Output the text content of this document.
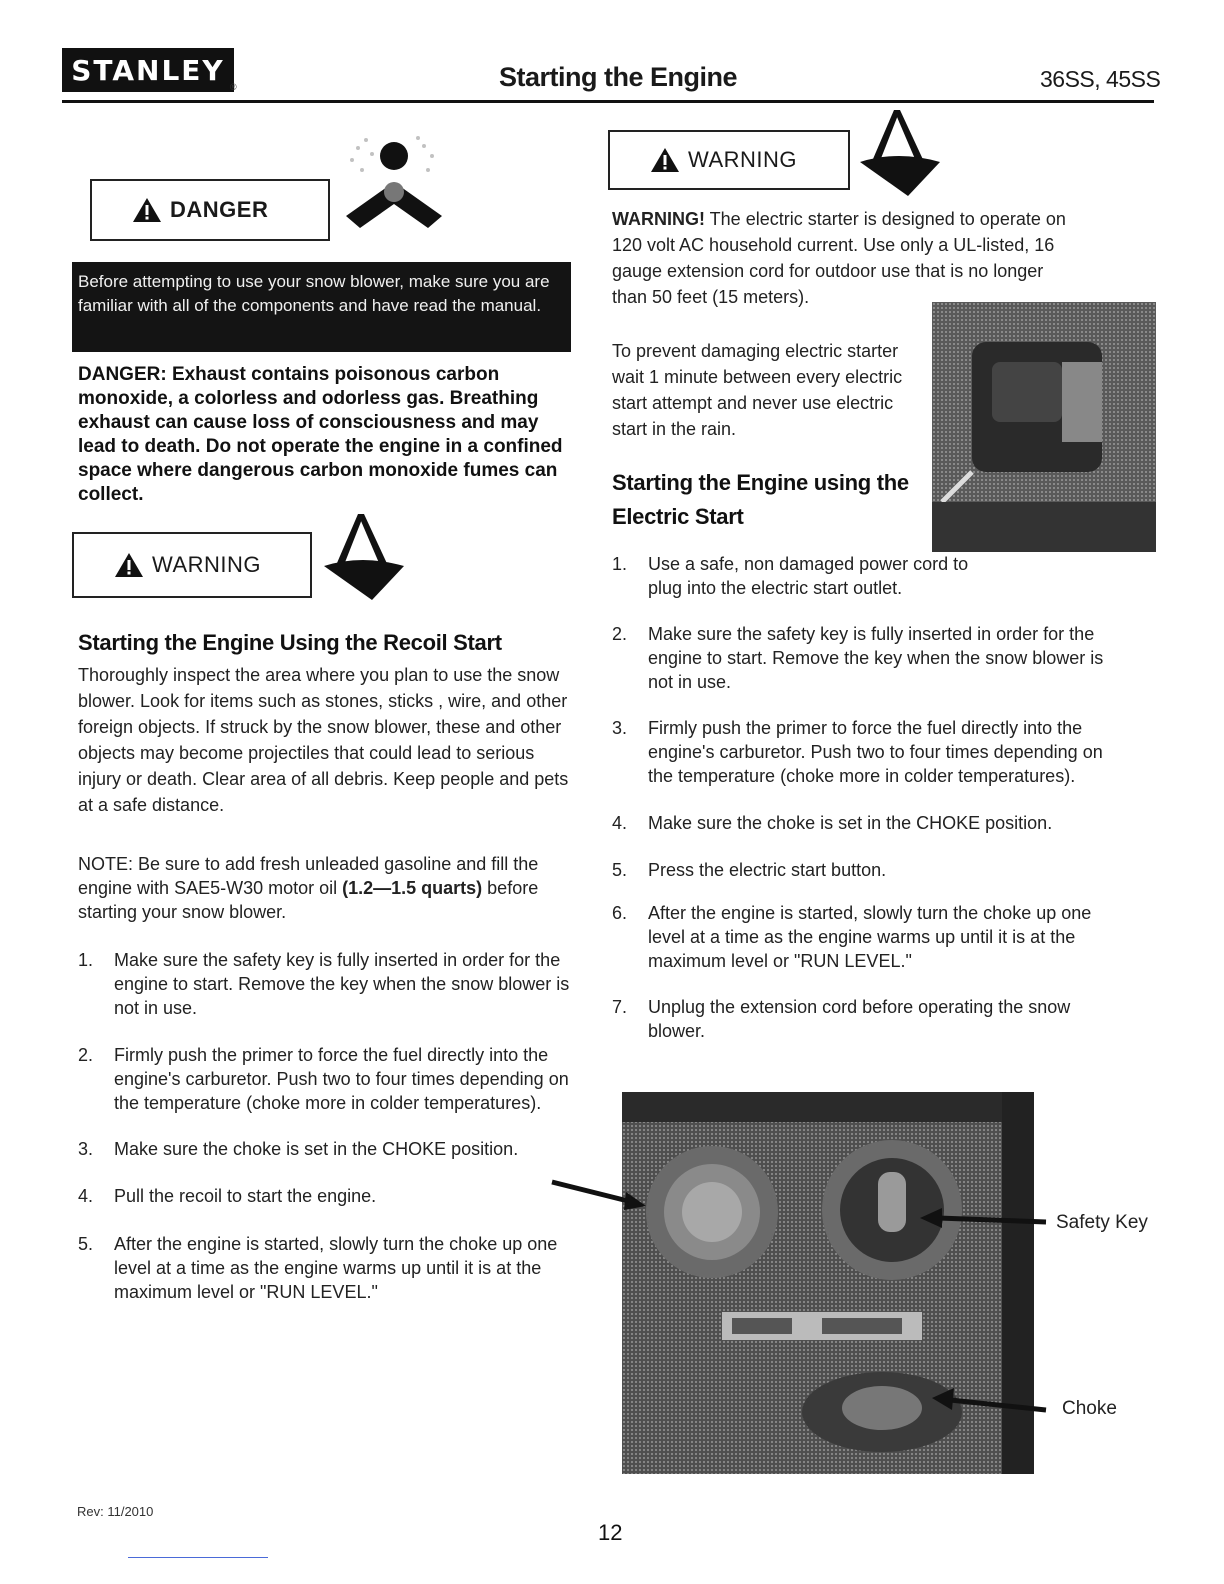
STANLEY
®	Starting the Engine	36SS, 45SS
DANGER
Before attempting to use your snow blower, make sure you are familiar with all of the components and have read the manual.
DANGER: Exhaust contains poisonous carbon monoxide, a colorless and odorless gas. Breathing exhaust can cause loss of consciousness and may lead to death. Do not operate the engine in a confined space where dangerous carbon monoxide fumes can collect.
WARNING
Starting the Engine Using the Recoil Start
Thoroughly inspect the area where you plan to use the snow blower. Look for items such as stones, sticks , wire, and other foreign objects. If struck by the snow blower, these and other objects may become projectiles that could lead to serious injury or death. Clear area of all debris. Keep people and pets at a safe distance.
NOTE: Be sure to add fresh unleaded gasoline and fill the engine with SAE5-W30 motor oil (1.2—1.5 quarts) before starting your snow blower.
1.	Make sure the safety key is fully inserted in order for the engine to start. Remove the key when the snow blower is not in use.
2.	Firmly push the primer to force the fuel directly into the engine's carburetor. Push two to four times depending on the temperature (choke more in colder temperatures).
3.	Make sure the choke is set in the CHOKE position.
4.	Pull the recoil to start the engine.
5.	After the engine is started, slowly turn the choke up one level at a time as the engine warms up until it is at the maximum level or "RUN LEVEL."
WARNING
WARNING! The electric starter is designed to operate on 120 volt AC household current. Use only a UL-listed, 16 gauge extension cord for outdoor use that is no longer than 50 feet (15 meters).
To prevent damaging electric starter wait 1 minute between every electric start attempt and never use electric start in the rain.
Starting the Engine using the
Electric Start
1.	Use a safe, non damaged power cord to plug into the electric start outlet.
2.	Make sure the safety key is fully inserted in order for the engine to start. Remove the key when the snow blower is not in use.
3.	Firmly push the primer to force the fuel directly into the engine's carburetor. Push two to four times depending on the temperature (choke more in colder temperatures).
4.	Make sure the choke is set in the CHOKE position.
5.	Press the electric start button.
6.	After the engine is started, slowly turn the choke up one level at a time as the engine warms up until it is at the maximum level or "RUN LEVEL."
7.	Unplug the extension cord before operating the snow blower.
Safety Key
Choke
Rev: 11/2010
12
